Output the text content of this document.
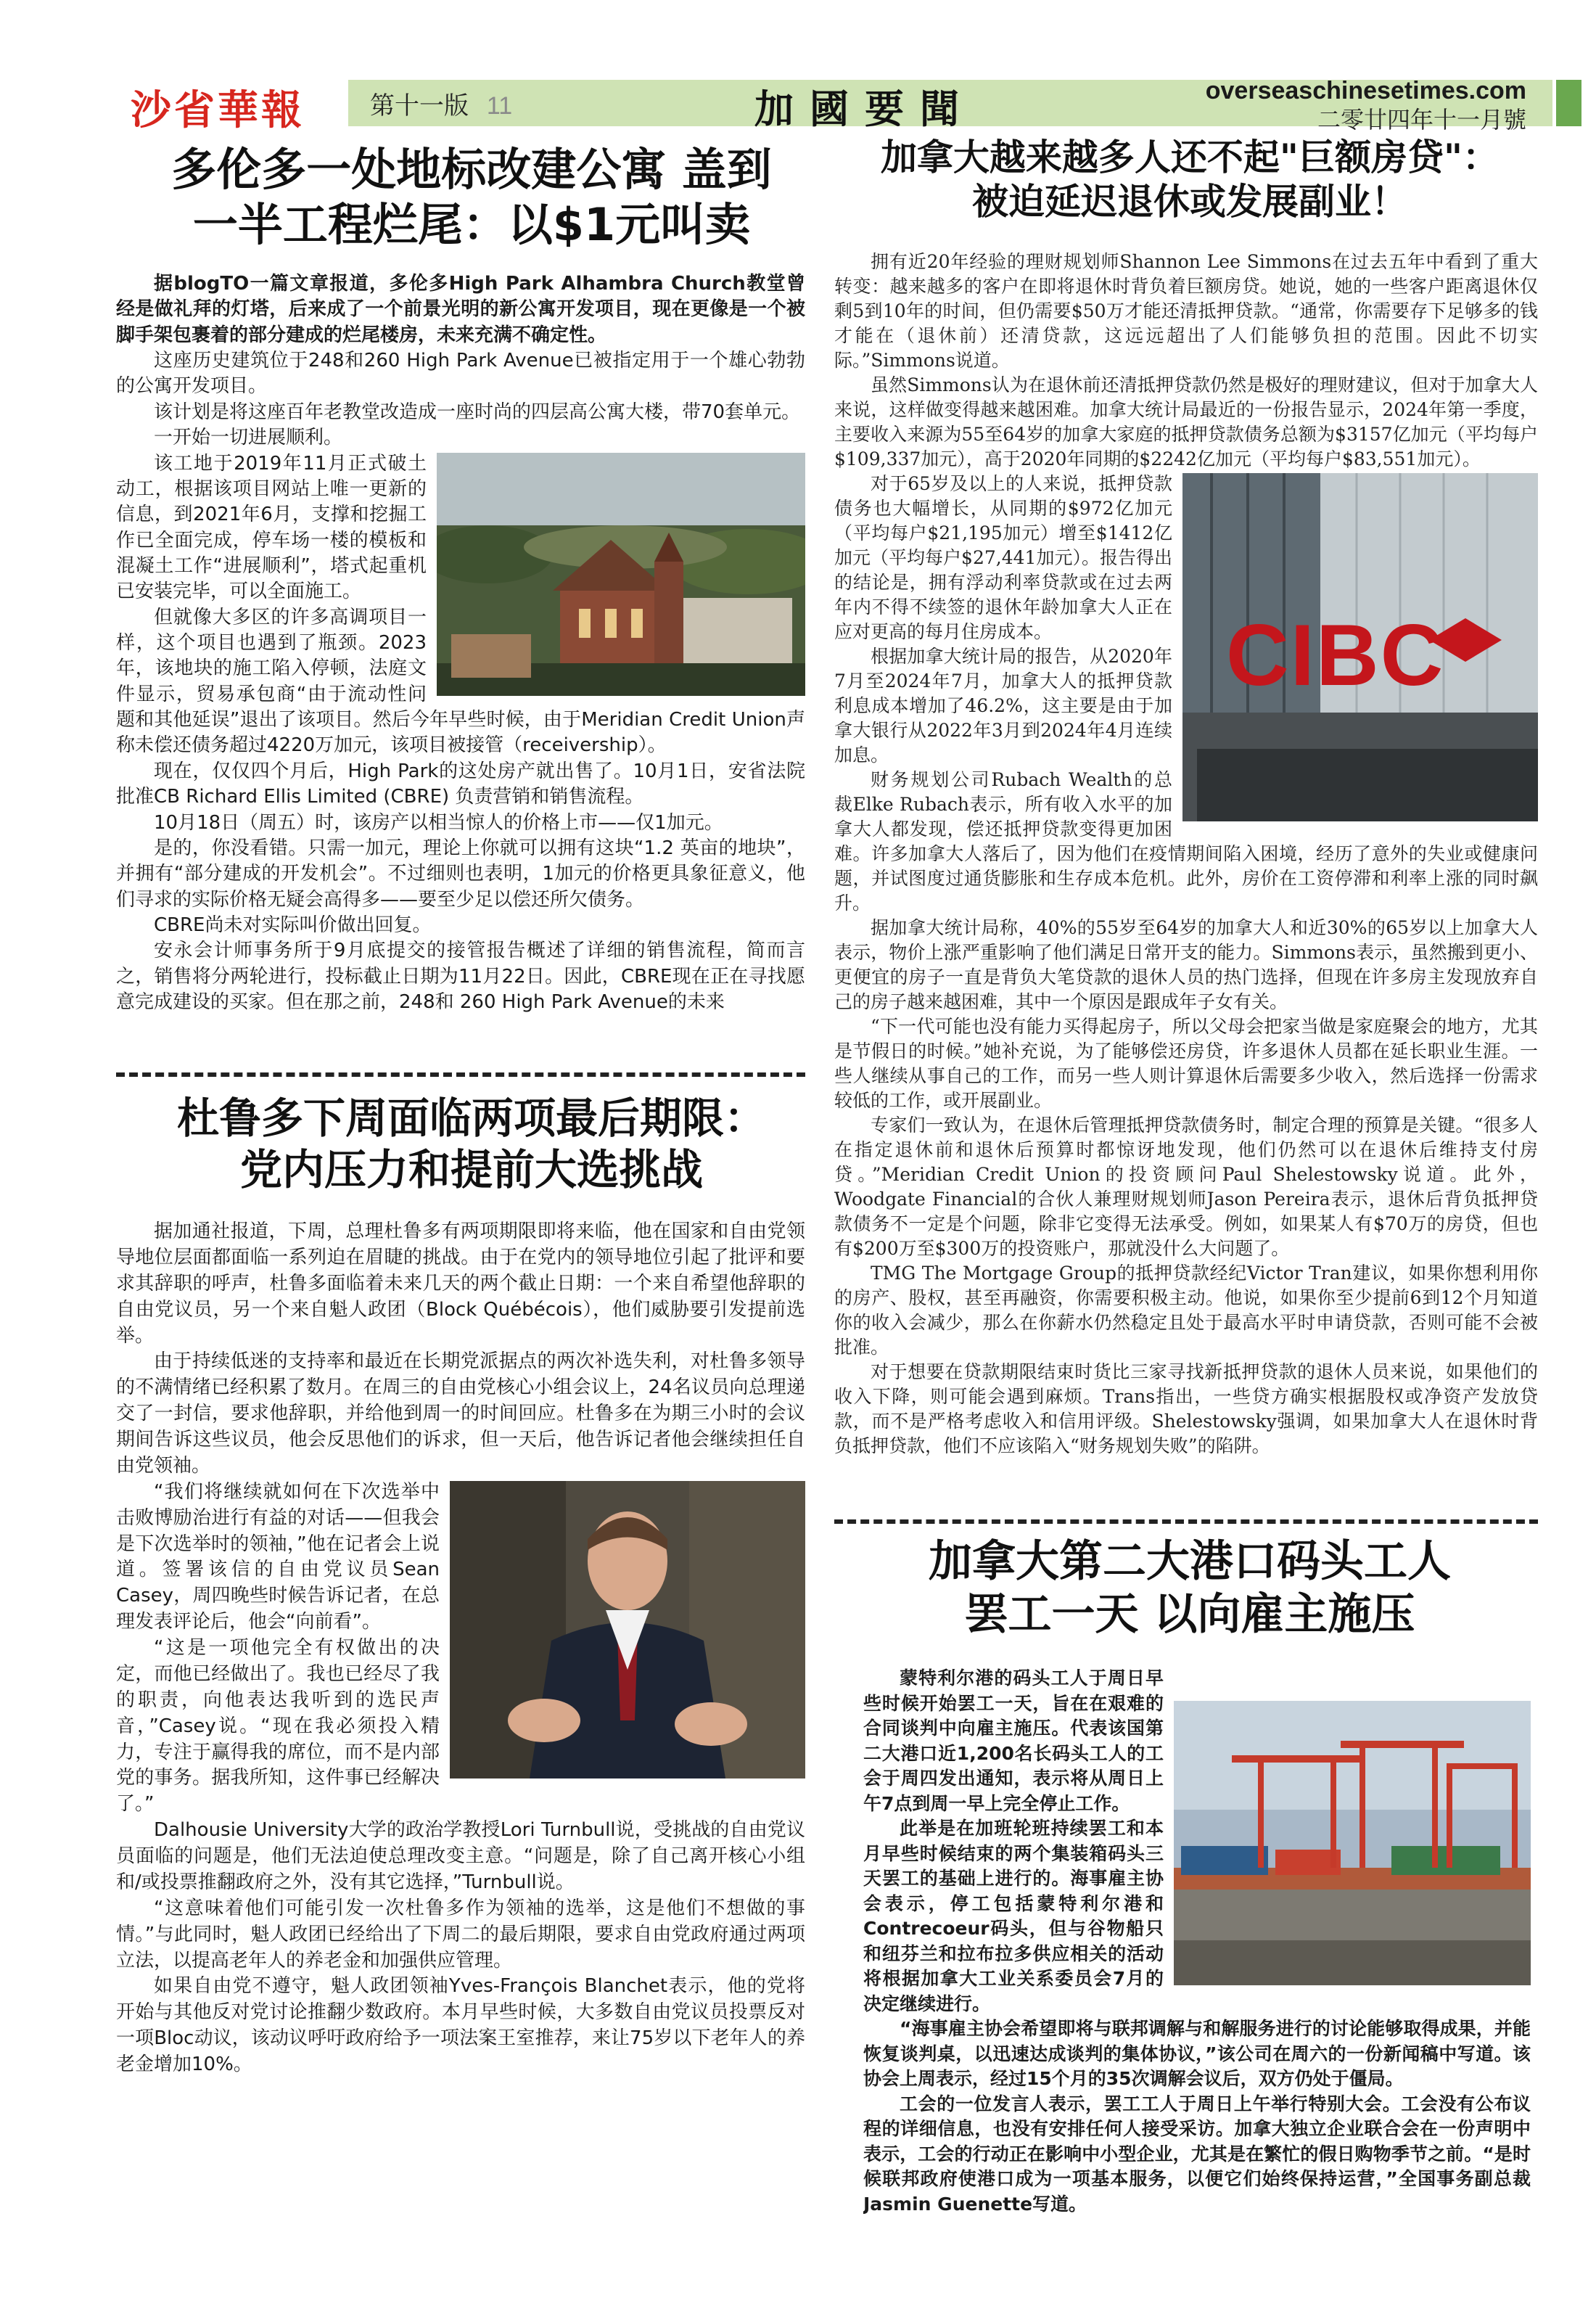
沙省華報	第十一版 11	加國要聞	overseaschinesetimes.com
二零廿四年十一月號
多伦多一处地标改建公寓 盖到
一半工程烂尾：以$1元叫卖

据blogTO一篇文章报道，多伦多High Park Alhambra Church教堂曾经是做礼拜的灯塔，后来成了一个前景光明的新公寓开发项目，现在更像是一个被脚手架包裹着的部分建成的烂尾楼房，未来充满不确定性。

这座历史建筑位于248和260 High Park Avenue已被指定用于一个雄心勃勃的公寓开发项目。

该计划是将这座百年老教堂改造成一座时尚的四层高公寓大楼，带70套单元。

一开始一切进展顺利。

该工地于2019年11月正式破土动工，根据该项目网站上唯一更新的信息，到2021年6月，支撑和挖掘工作已全面完成，停车场一楼的模板和混凝土工作“进展顺利”，塔式起重机已安装完毕，可以全面施工。

但就像大多区的许多高调项目一样，这个项目也遇到了瓶颈。2023年，该地块的施工陷入停顿，法庭文件显示，贸易承包商“由于流动性问题和其他延误”退出了该项目。然后今年早些时候，由于Meridian Credit Union声称未偿还债务超过4220万加元，该项目被接管（receivership）。

现在，仅仅四个月后，High Park的这处房产就出售了。10月1日，安省法院批准CB Richard Ellis Limited (CBRE) 负责营销和销售流程。

10月18日（周五）时，该房产以相当惊人的价格上市——仅1加元。

是的，你没看错。只需一加元，理论上你就可以拥有这块“1.2 英亩的地块”，并拥有“部分建成的开发机会”。不过细则也表明，1加元的价格更具象征意义，他们寻求的实际价格无疑会高得多——要至少足以偿还所欠债务。

CBRE尚未对实际叫价做出回复。

安永会计师事务所于9月底提交的接管报告概述了详细的销售流程，简而言之，销售将分两轮进行，投标截止日期为11月22日。因此，CBRE现在正在寻找愿意完成建设的买家。但在那之前，248和 260 High Park Avenue的未来

杜鲁多下周面临两项最后期限：
党内压力和提前大选挑战

据加通社报道，下周，总理杜鲁多有两项期限即将来临，他在国家和自由党领导地位层面都面临一系列迫在眉睫的挑战。由于在党内的领导地位引起了批评和要求其辞职的呼声，杜鲁多面临着未来几天的两个截止日期：一个来自希望他辞职的自由党议员，另一个来自魁人政团（Block Québécois），他们威胁要引发提前选举。

由于持续低迷的支持率和最近在长期党派据点的两次补选失利，对杜鲁多领导的不满情绪已经积累了数月。在周三的自由党核心小组会议上，24名议员向总理递交了一封信，要求他辞职，并给他到周一的时间回应。杜鲁多在为期三小时的会议期间告诉这些议员，他会反思他们的诉求，但一天后，他告诉记者他会继续担任自由党领袖。

“我们将继续就如何在下次选举中击败博励治进行有益的对话——但我会是下次选举时的领袖，”他在记者会上说道。签署该信的自由党议员Sean Casey，周四晚些时候告诉记者，在总理发表评论后，他会“向前看”。

“这是一项他完全有权做出的决定，而他已经做出了。我也已经尽了我的职责，向他表达我听到的选民声音，”Casey说。“现在我必须投入精力，专注于赢得我的席位，而不是内部党的事务。据我所知，这件事已经解决了。”

Dalhousie University大学的政治学教授Lori Turnbull说，受挑战的自由党议员面临的问题是，他们无法迫使总理改变主意。“问题是，除了自己离开核心小组和/或投票推翻政府之外，没有其它选择，”Turnbull说。

“这意味着他们可能引发一次杜鲁多作为领袖的选举，这是他们不想做的事情。”与此同时，魁人政团已经给出了下周二的最后期限，要求自由党政府通过两项立法，以提高老年人的养老金和加强供应管理。

如果自由党不遵守，魁人政团领袖Yves-François Blanchet表示，他的党将开始与其他反对党讨论推翻少数政府。本月早些时候，大多数自由党议员投票反对一项Bloc动议，该动议呼吁政府给予一项法案王室推荐，来让75岁以下老年人的养老金增加10%。

加拿大越来越多人还不起"巨额房贷"：
被迫延迟退休或发展副业！

拥有近20年经验的理财规划师Shannon Lee Simmons在过去五年中看到了重大转变：越来越多的客户在即将退休时背负着巨额房贷。她说，她的一些客户距离退休仅剩5到10年的时间，但仍需要$50万才能还清抵押贷款。“通常，你需要存下足够多的钱才能在（退休前）还清贷款，这远远超出了人们能够负担的范围。因此不切实际。”Simmons说道。

虽然Simmons认为在退休前还清抵押贷款仍然是极好的理财建议，但对于加拿大人来说，这样做变得越来越困难。加拿大统计局最近的一份报告显示，2024年第一季度，主要收入来源为55至64岁的加拿大家庭的抵押贷款债务总额为$3157亿加元（平均每户$109,337加元），高于2020年同期的$2242亿加元（平均每户$83,551加元）。

CIBC

对于65岁及以上的人来说，抵押贷款债务也大幅增长，从同期的$972亿加元（平均每户$21,195加元）增至$1412亿加元（平均每户$27,441加元）。报告得出的结论是，拥有浮动利率贷款或在过去两年内不得不续签的退休年龄加拿大人正在应对更高的每月住房成本。

根据加拿大统计局的报告，从2020年7月至2024年7月，加拿大人的抵押贷款利息成本增加了46.2%，这主要是由于加拿大银行从2022年3月到2024年4月连续加息。

财务规划公司Rubach Wealth的总裁Elke Rubach表示，所有收入水平的加拿大人都发现，偿还抵押贷款变得更加困难。许多加拿大人落后了，因为他们在疫情期间陷入困境，经历了意外的失业或健康问题，并试图度过通货膨胀和生存成本危机。此外，房价在工资停滞和利率上涨的同时飙升。

据加拿大统计局称，40%的55岁至64岁的加拿大人和近30%的65岁以上加拿大人表示，物价上涨严重影响了他们满足日常开支的能力。Simmons表示，虽然搬到更小、更便宜的房子一直是背负大笔贷款的退休人员的热门选择，但现在许多房主发现放弃自己的房子越来越困难，其中一个原因是跟成年子女有关。

“下一代可能也没有能力买得起房子，所以父母会把家当做是家庭聚会的地方，尤其是节假日的时候。”她补充说，为了能够偿还房贷，许多退休人员都在延长职业生涯。一些人继续从事自己的工作，而另一些人则计算退休后需要多少收入，然后选择一份需求较低的工作，或开展副业。

专家们一致认为，在退休后管理抵押贷款债务时，制定合理的预算是关键。“很多人在指定退休前和退休后预算时都惊讶地发现，他们仍然可以在退休后维持支付房贷。”Meridian Credit Union的投资顾问Paul Shelestowsky说道。此外，Woodgate Financial的合伙人兼理财规划师Jason Pereira表示，退休后背负抵押贷款债务不一定是个问题，除非它变得无法承受。例如，如果某人有$70万的房贷，但也有$200万至$300万的投资账户，那就没什么大问题了。

TMG The Mortgage Group的抵押贷款经纪Victor Tran建议，如果你想利用你的房产、股权，甚至再融资，你需要积极主动。他说，如果你至少提前6到12个月知道你的收入会减少，那么在你薪水仍然稳定且处于最高水平时申请贷款，否则可能不会被批准。

对于想要在贷款期限结束时货比三家寻找新抵押贷款的退休人员来说，如果他们的收入下降，则可能会遇到麻烦。Trans指出，一些贷方确实根据股权或净资产发放贷款，而不是严格考虑收入和信用评级。Shelestowsky强调，如果加拿大人在退休时背负抵押贷款，他们不应该陷入“财务规划失败”的陷阱。

加拿大第二大港口码头工人
罢工一天 以向雇主施压

蒙特利尔港的码头工人于周日早些时候开始罢工一天，旨在在艰难的合同谈判中向雇主施压。代表该国第二大港口近1,200名长码头工人的工会于周四发出通知，表示将从周日上午7点到周一早上完全停止工作。

此举是在加班轮班持续罢工和本月早些时候结束的两个集装箱码头三天罢工的基础上进行的。海事雇主协会表示，停工包括蒙特利尔港和Contrecoeur码头，但与谷物船只和纽芬兰和拉布拉多供应相关的活动将根据加拿大工业关系委员会7月的决定继续进行。

“海事雇主协会希望即将与联邦调解与和解服务进行的讨论能够取得成果，并能恢复谈判桌，以迅速达成谈判的集体协议，”该公司在周六的一份新闻稿中写道。该协会上周表示，经过15个月的35次调解会议后，双方仍处于僵局。

工会的一位发言人表示，罢工工人于周日上午举行特别大会。工会没有公布议程的详细信息，也没有安排任何人接受采访。加拿大独立企业联合会在一份声明中表示，工会的行动正在影响中小型企业，尤其是在繁忙的假日购物季节之前。“是时候联邦政府使港口成为一项基本服务，以便它们始终保持运营，”全国事务副总裁Jasmin Guenette写道。
